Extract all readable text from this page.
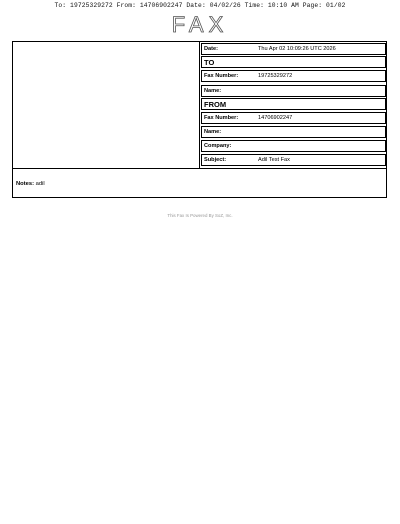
To: 19725329272 From: 14706902247 Date: 04/02/26 Time: 10:10 AM Page: 01/02
FAX
Date:	Thu Apr 02 10:09:26 UTC 2026
TO
Fax Number:	19725329272
Name:
FROM
Fax Number:	14706902247
Name:
Company:
Subject:	Adil Test Fax
Notes: adil
This Fax Is Powered By SoZ, Inc.
